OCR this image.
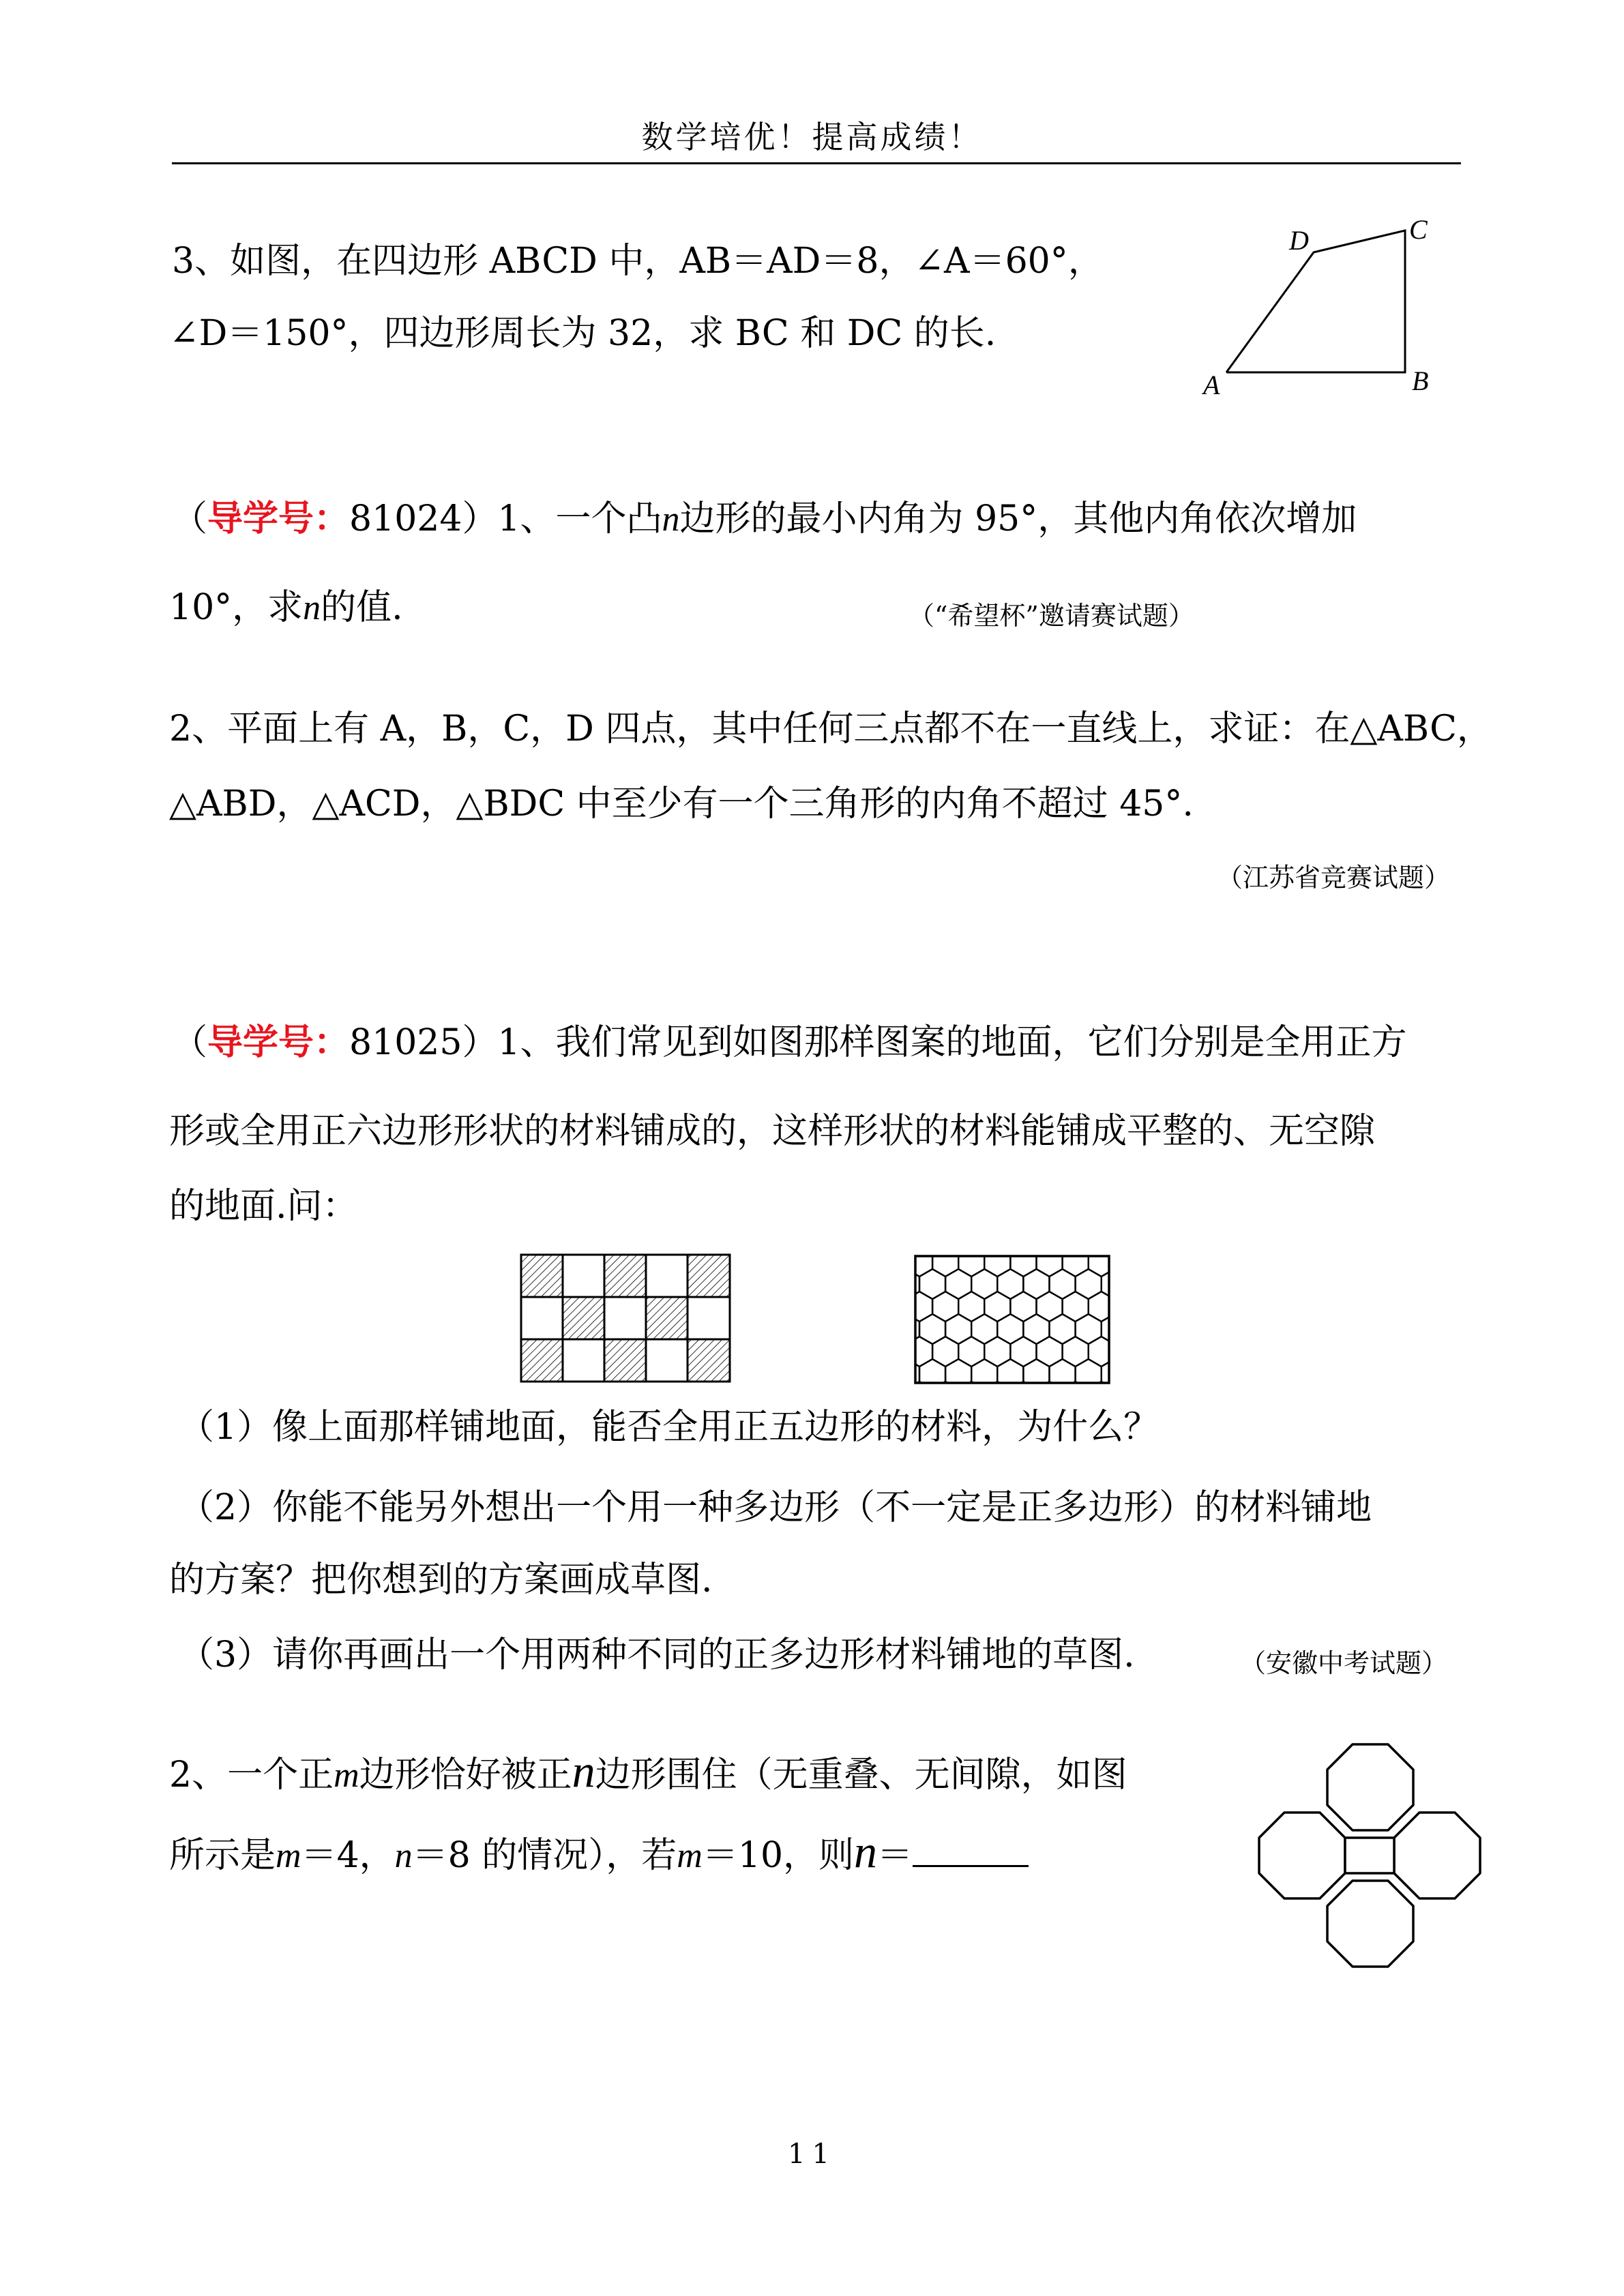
数学培优！提高成绩！
3、如图，在四边形 ABCD 中，AB＝AD＝8，∠A＝60°，
∠D＝150°，四边形周长为 32，求 BC 和 DC 的长.
A	B
C
D
（导学号：81024）1、一个凸n边形的最小内角为 95°，其他内角依次增加
10°，求n的值.	（“希望杯”邀请赛试题）
2、平面上有 A，B，C，D 四点，其中任何三点都不在一直线上，求证：在△ABC，
△ABD，△ACD，△BDC 中至少有一个三角形的内角不超过 45°.
（江苏省竞赛试题）
（导学号：81025）1、我们常见到如图那样图案的地面，它们分别是全用正方
形或全用正六边形形状的材料铺成的，这样形状的材料能铺成平整的、无空隙
的地面.问：
（1）像上面那样铺地面，能否全用正五边形的材料，为什么？
（2）你能不能另外想出一个用一种多边形（不一定是正多边形）的材料铺地
的方案？把你想到的方案画成草图.
（3）请你再画出一个用两种不同的正多边形材料铺地的草图.	（安徽中考试题）
2、一个正m边形恰好被正n边形围住（无重叠、无间隙，如图
所示是m＝4，n＝8 的情况），若m＝10，则n＝
11
